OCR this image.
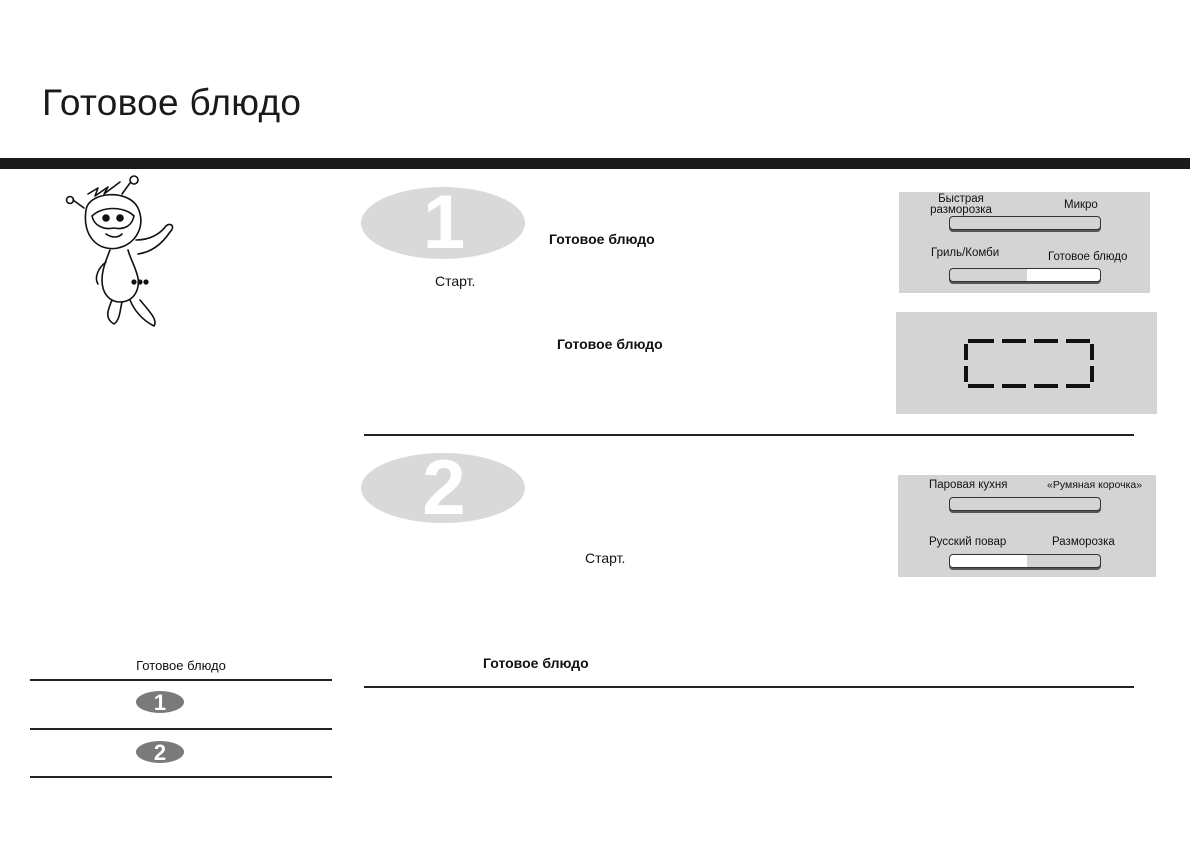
Готовое блюдо
1	Готовое блюдо
Старт.
Готовое блюдо
Быстрая
разморозка	Микро
Гриль/Комби	Готовое блюдо
2
Старт.
Паровая кухня	«Румяная корочка»
Русский повар	Разморозка
Готовое блюдо
Готовое блюдо
1
2
